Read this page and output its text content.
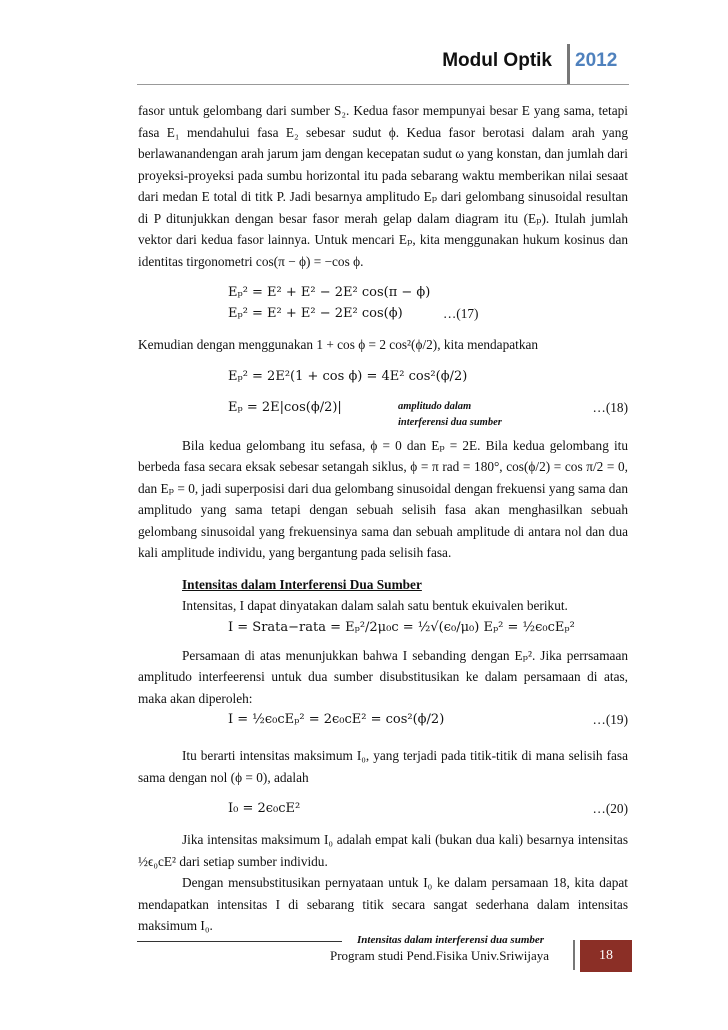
Modul Optik 2012

fasor untuk gelombang dari sumber S₂. Kedua fasor mempunyai besar E yang sama, tetapi fasa E₁ mendahului fasa E₂ sebesar sudut ϕ. Kedua fasor berotasi dalam arah yang berlawanandengan arah jarum jam dengan kecepatan sudut ω yang konstan, dan jumlah dari proyeksi-proyeksi pada sumbu horizontal itu pada sebarang waktu memberikan nilai sesaat dari medan E total di titk P. Jadi besarnya amplitudo Eₚ dari gelombang sinusoidal resultan di P ditunjukkan dengan besar fasor merah gelap dalam diagram itu (Eₚ). Itulah jumlah vektor dari kedua fasor lainnya. Untuk mencari Eₚ, kita menggunakan hukum kosinus dan identitas tirgonometri cos(π − ϕ) = −cos ϕ.

Eₚ² = E² + E² − 2E² cos(π − ϕ)
Eₚ² = E² + E² − 2E² cos(ϕ)	…(17)

Kemudian dengan menggunakan 1 + cos ϕ = 2 cos²(ϕ/2), kita mendapatkan

Eₚ² = 2E²(1 + cos ϕ) = 4E² cos²(ϕ/2)
Eₚ = 2E|cos(ϕ/2)|	amplitudo dalam
interferensi dua sumber
…(18)

Bila kedua gelombang itu sefasa, ϕ = 0 dan Eₚ = 2E. Bila kedua gelombang itu berbeda fasa secara eksak sebesar setangah siklus, ϕ = π rad = 180°, cos(ϕ/2) = cos π/2 = 0, dan Eₚ = 0, jadi superposisi dari dua gelombang sinusoidal dengan frekuensi yang sama dan amplitudo yang sama tetapi dengan sebuah selisih fasa akan menghasilkan sebuah gelombang sinusoidal yang frekuensinya sama dan sebuah amplitude di antara nol dan dua kali amplitude individu, yang bergantung pada selisih fasa.

Intensitas dalam Interferensi Dua Sumber

Intensitas, I dapat dinyatakan dalam salah satu bentuk ekuivalen berikut.

I = Srata−rata = Eₚ²/2μ₀c = ½√(ϵ₀/μ₀) Eₚ² = ½ϵ₀cEₚ²

Persamaan di atas menunjukkan bahwa I sebanding dengan Eₚ². Jika perrsamaan amplitudo interfeerensi untuk dua sumber disubstitusikan ke dalam persamaan di atas, maka akan diperoleh:

I = ½ϵ₀cEₚ² = 2ϵ₀cE² = cos²(ϕ/2)	…(19)

Itu berarti intensitas maksimum I₀, yang terjadi pada titik-titik di mana selisih fasa sama dengan nol (ϕ = 0), adalah

I₀ = 2ϵ₀cE²	…(20)

Jika intensitas maksimum I₀ adalah empat kali (bukan dua kali) besarnya intensitas ½ϵ₀cE² dari setiap sumber individu.

Dengan mensubstitusikan pernyataan untuk I₀ ke dalam persamaan 18, kita dapat mendapatkan intensitas I di sebarang titik secara sangat sederhana dalam intensitas maksimum I₀.

Intensitas dalam interferensi dua sumber
Program studi Pend.Fisika Univ.Sriwijaya	18
